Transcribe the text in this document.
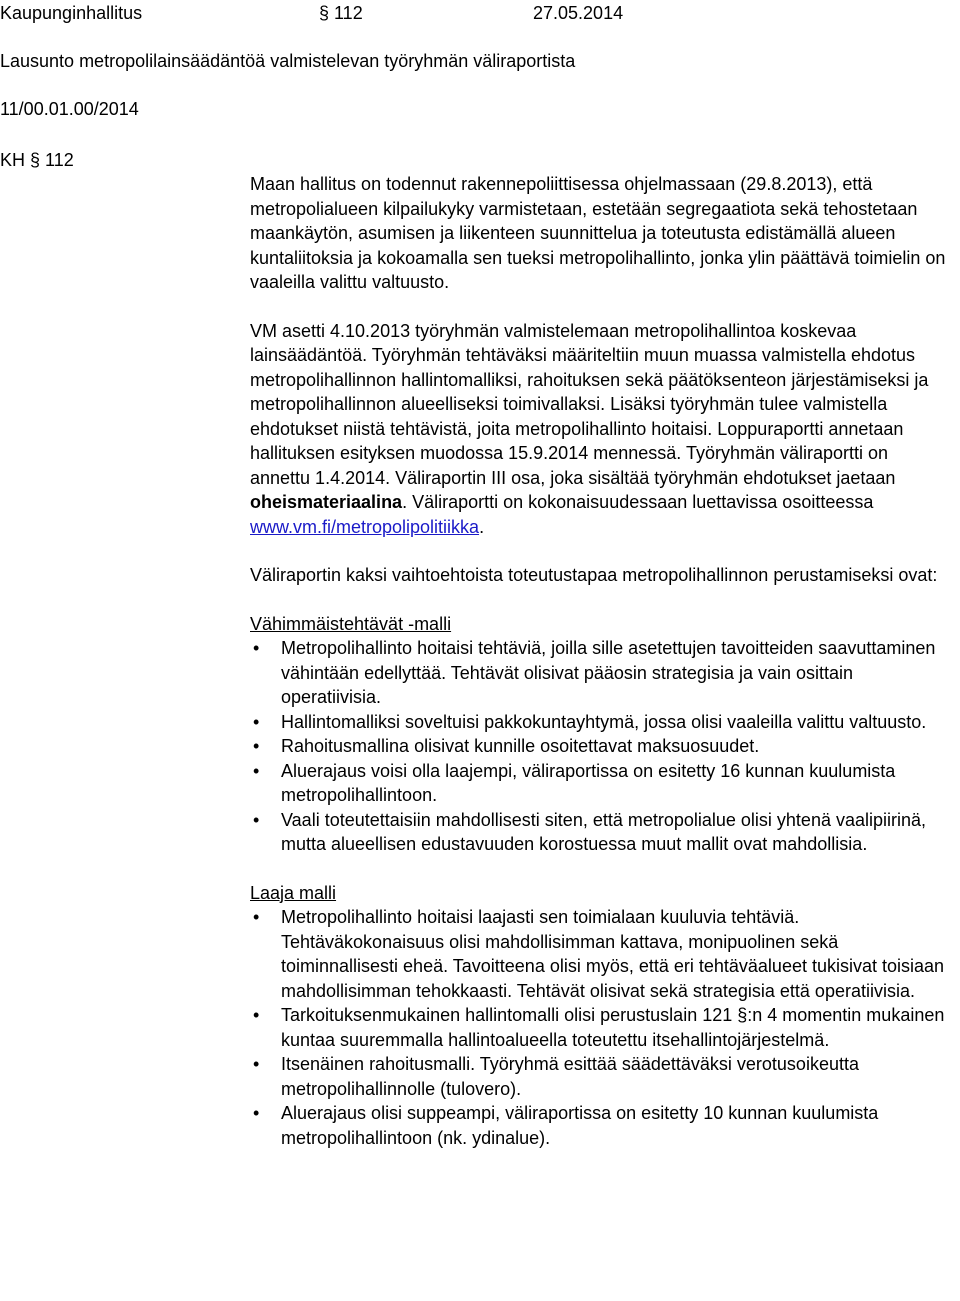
Kaupunginhallitus	§ 112	27.05.2014
Lausunto metropolilainsäädäntöä valmistelevan työryhmän väliraportista
11/00.01.00/2014
KH § 112

Maan hallitus on todennut rakennepoliittisessa ohjelmassaan (29.8.2013), että metropolialueen kilpailukyky varmistetaan, estetään segregaatiota sekä tehostetaan maankäytön, asumisen ja liikenteen suunnittelua ja toteutusta edistämällä alueen kuntaliitoksia ja kokoamalla sen tueksi metropolihallinto, jonka ylin päättävä toimielin on vaaleilla valittu valtuusto.

VM asetti 4.10.2013 työryhmän valmistelemaan metropolihallintoa koskevaa lainsäädäntöä. Työryhmän tehtäväksi määriteltiin muun muassa valmistella ehdotus metropolihallinnon hallintomalliksi, rahoituksen sekä päätöksenteon järjestämiseksi ja metropolihallinnon alueelliseksi toimivallaksi. Lisäksi työryhmän tulee valmistella ehdotukset niistä tehtävistä, joita metropolihallinto hoitaisi. Loppuraportti annetaan hallituksen esityksen muodossa 15.9.2014 mennessä. Työryhmän väliraportti on annettu 1.4.2014. Väliraportin III osa, joka sisältää työryhmän ehdotukset jaetaan oheismateriaalina. Väliraportti on kokonaisuudessaan luettavissa osoitteessa www.vm.fi/metropolipolitiikka.

Väliraportin kaksi vaihtoehtoista toteutustapaa metropolihallinnon perustamiseksi ovat:

Vähimmäistehtävät -malli

• Metropolihallinto hoitaisi tehtäviä, joilla sille asetettujen tavoitteiden saavuttaminen vähintään edellyttää. Tehtävät olisivat pääosin strategisia ja vain osittain operatiivisia.
• Hallintomalliksi soveltuisi pakkokuntayhtymä, jossa olisi vaaleilla valittu valtuusto.
• Rahoitusmallina olisivat kunnille osoitettavat maksuosuudet.
• Aluerajaus voisi olla laajempi, väliraportissa on esitetty 16 kunnan kuulumista metropolihallintoon.
• Vaali toteutettaisiin mahdollisesti siten, että metropolialue olisi yhtenä vaalipiirinä, mutta alueellisen edustavuuden korostuessa muut mallit ovat mahdollisia.

Laaja malli

• Metropolihallinto hoitaisi laajasti sen toimialaan kuuluvia tehtäviä. Tehtäväkokonaisuus olisi mahdollisimman kattava, monipuolinen sekä toiminnallisesti eheä. Tavoitteena olisi myös, että eri tehtäväalueet tukisivat toisiaan mahdollisimman tehokkaasti. Tehtävät olisivat sekä strategisia että operatiivisia.
• Tarkoituksenmukainen hallintomalli olisi perustuslain 121 §:n 4 momentin mukainen kuntaa suuremmalla hallintoalueella toteutettu itsehallintojärjestelmä.
• Itsenäinen rahoitusmalli. Työryhmä esittää säädettäväksi verotusoikeutta metropolihallinnolle (tulovero).
• Aluerajaus olisi suppeampi, väliraportissa on esitetty 10 kunnan kuulumista metropolihallintoon (nk. ydinalue).
